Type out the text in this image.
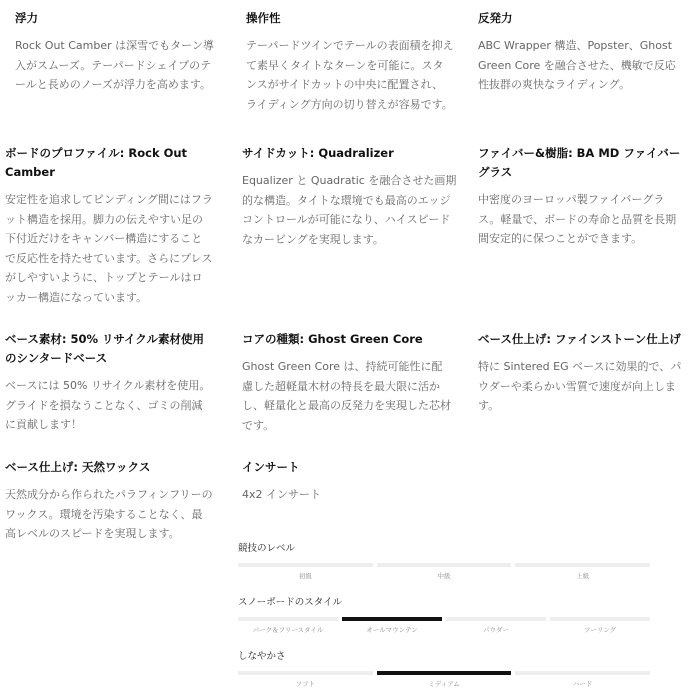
浮力

Rock Out Camber は深雪でもターン導入がスムーズ。テーパードシェイプのテールと長めのノーズが浮力を高めます。

操作性

テーパードツインでテールの表面積を抑えて素早くタイトなターンを可能に。スタンスがサイドカットの中央に配置され、ライディング方向の切り替えが容易です。

反発力

ABC Wrapper 構造、Popster、Ghost Green Core を融合させた、機敏で反応性抜群の爽快なライディング。

ボードのプロファイル: Rock Out Camber

安定性を追求してビンディング間にはフラット構造を採用。脚力の伝えやすい足の下付近だけをキャンバー構造にすることで反応性を持たせています。さらにプレスがしやすいように、トップとテールはロッカー構造になっています。

サイドカット: Quadralizer

Equalizer と Quadratic を融合させた画期的な構造。タイトな環境でも最高のエッジコントロールが可能になり、ハイスピードなカービングを実現します。

ファイバー&樹脂: BA MD ファイバーグラス

中密度のヨーロッパ製ファイバーグラス。軽量で、ボードの寿命と品質を長期間安定的に保つことができます。

ベース素材: 50% リサイクル素材使用のシンタードベース

ベースには 50% リサイクル素材を使用。グライドを損なうことなく、ゴミの削減に貢献します！

コアの種類: Ghost Green Core

Ghost Green Core は、持続可能性に配慮した超軽量木材の特長を最大限に活かし、軽量化と最高の反発力を実現した芯材です。

ベース仕上げ: ファインストーン仕上げ

特に Sintered EG ベースに効果的で、パウダーや柔らかい雪質で速度が向上します。

ベース仕上げ: 天然ワックス

天然成分から作られたパラフィンフリーのワックス。環境を汚染することなく、最高レベルのスピードを実現します。

インサート

4x2 インサート

競技のレベル
初級	中級	上級
スノーボードのスタイル
パーク＆フリースタイル	オールマウンテン	パウダー	ツーリング
しなやかさ
ソフト	ミディアム	ハード
